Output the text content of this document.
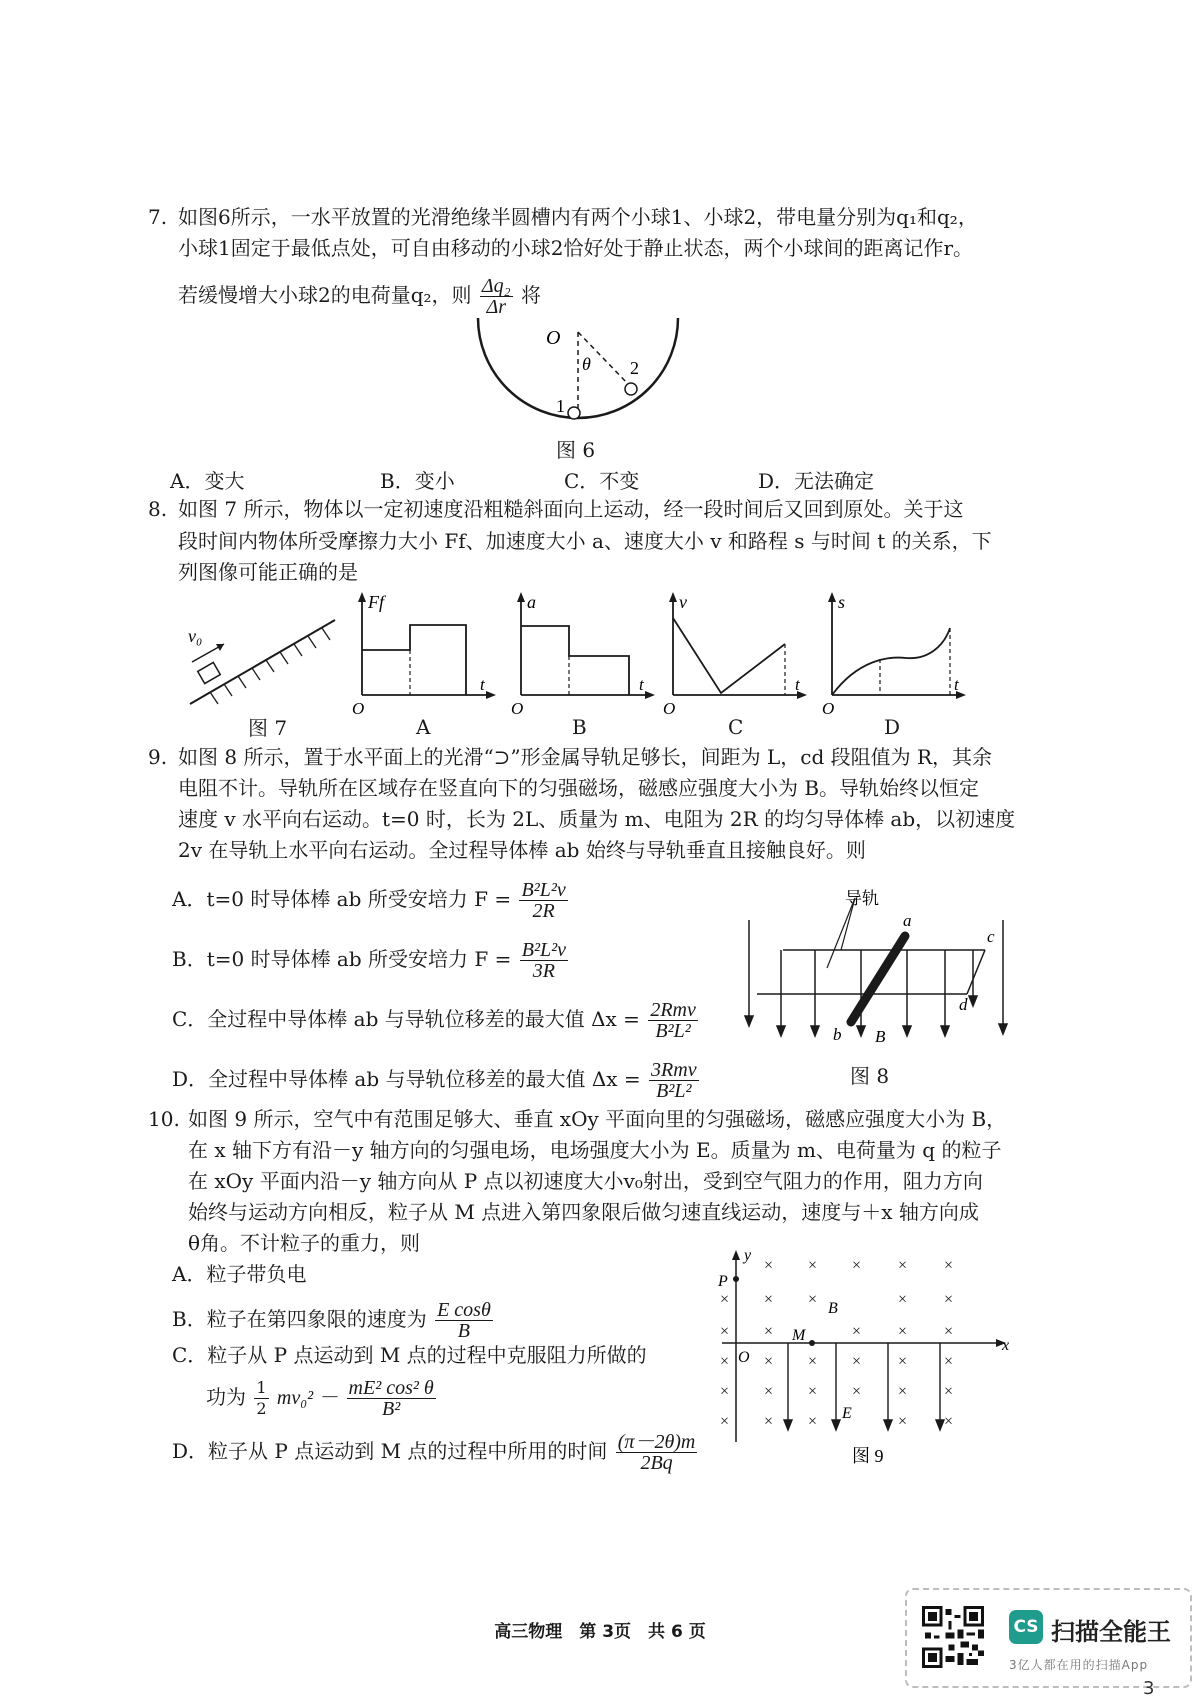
7. 如图6所示，一水平放置的光滑绝缘半圆槽内有两个小球1、小球2，带电量分别为q₁和q₂，
小球1固定于最低点处，可自由移动的小球2恰好处于静止状态，两个小球间的距离记作r。
若缓慢增大小球2的电荷量q₂，则 $\frac{\text{Δq₂}}{\Delta r}$ 将
O
θ
1
2
图 6
A．变大	B．变小	C．不变	D．无法确定
8. 如图 7 所示，物体以一定初速度沿粗糙斜面向上运动，经一段时间后又回到原处。关于这
段时间内物体所受摩擦力大小 Ff、加速度大小 a、速度大小 v 和路程 s 与时间 t 的关系，下
列图像可能正确的是
v₀
图 7
Ff
O
t
A
a
O
t
B
v
O
t
C
s
O
t
D
9. 如图 8 所示，置于水平面上的光滑“⊃”形金属导轨足够长，间距为 L，cd 段阻值为 R，其余
电阻不计。导轨所在区域存在竖直向下的匀强磁场，磁感应强度大小为 B。导轨始终以恒定
速度 v 水平向右运动。t=0 时，长为 2L、质量为 m、电阻为 2R 的均匀导体棒 ab，以初速度
2v 在导轨上水平向右运动。全过程导体棒 ab 始终与导轨垂直且接触良好。则
A．t=0 时导体棒 ab 所受安培力 $F = \frac{\text{B²L²v}}{2R}$
B．t=0 时导体棒 ab 所受安培力 $F = \frac{\text{B²L²v}}{3R}$
C．全过程中导体棒 ab 与导轨位移差的最大值 $\Delta x = \frac{\text{2Rmv}}{\text{B²L²}}$
D．全过程中导体棒 ab 与导轨位移差的最大值 $\Delta x = \frac{\text{3Rmv}}{\text{B²L²}}$
导轨
a
b
c
d
B
图 8
10. 如图 9 所示，空气中有范围足够大、垂直 xOy 平面向里的匀强磁场，磁感应强度大小为 B，
在 x 轴下方有沿－y 轴方向的匀强电场，电场强度大小为 E。质量为 m、电荷量为 q 的粒子
在 xOy 平面内沿－y 轴方向从 P 点以初速度大小v₀射出，受到空气阻力的作用，阻力方向
始终与运动方向相反，粒子从 M 点进入第四象限后做匀速直线运动，速度与＋x 轴方向成
θ角。不计粒子的重力，则
A．粒子带负电
B．粒子在第四象限的速度为 $\frac{\text{E cosθ}}{B}$
C．粒子从 P 点运动到 M 点的过程中克服阻力所做的
功为 $\frac{1}{2} mv_0^2 - \frac{\text{mE² cos² θ}}{\text{B²}}$
D．粒子从 P 点运动到 M 点的过程中所用的时间 $\frac{(\pi-2\theta)m}{2Bq}$
× × × × ×
× × ×	× ×
× ×	× × ×
× × × × × ×
× × × × × ×
× × ×	× ×
y
x
P
O
M
B
E
图 9
高三物理　第 3页　共 6 页	CS 扫描全能王
3亿人都在用的扫描App
3
